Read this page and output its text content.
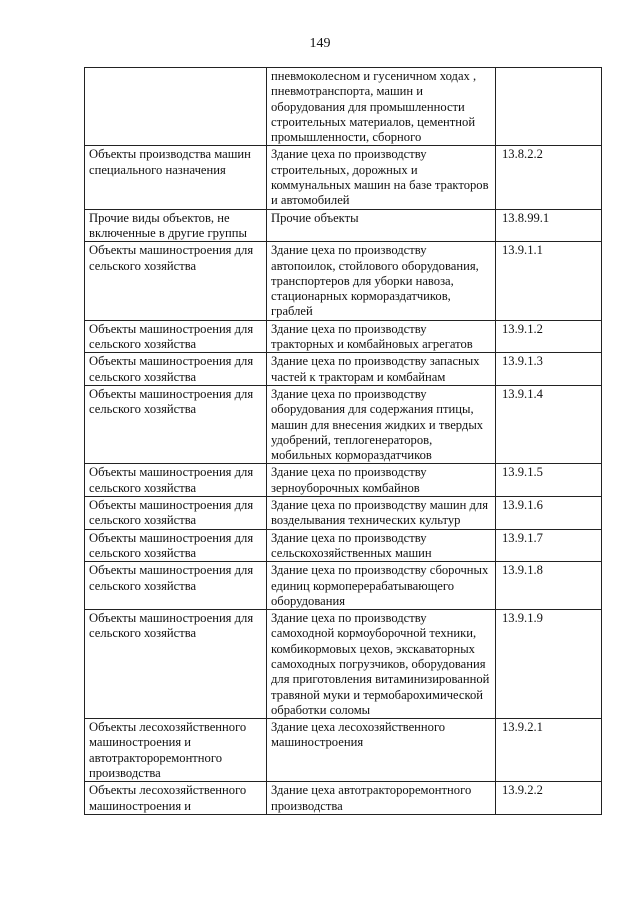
149
	пневмоколесном и гусеничном ходах , пневмотранспорта, машин и оборудования для промышленности строительных материалов, цементной промышленности, сборного	
Объекты производства машин специального назначения	Здание цеха по производству строительных, дорожных и коммунальных машин на базе тракторов и автомобилей	13.8.2.2
Прочие виды объектов, не включенные в другие группы	Прочие объекты	13.8.99.1
Объекты машиностроения для сельского хозяйства	Здание цеха по производству автопоилок, стойлового оборудования, транспортеров для уборки навоза, стационарных кормораздатчиков, граблей	13.9.1.1
Объекты машиностроения для сельского хозяйства	Здание цеха по производству тракторных и комбайновых агрегатов	13.9.1.2
Объекты машиностроения для сельского хозяйства	Здание цеха по производству запасных частей к тракторам и комбайнам	13.9.1.3
Объекты машиностроения для сельского хозяйства	Здание цеха по производству оборудования для содержания птицы, машин для внесения жидких и твердых удобрений, теплогенераторов, мобильных кормораздатчиков	13.9.1.4
Объекты машиностроения для сельского хозяйства	Здание цеха по производству зерноуборочных комбайнов	13.9.1.5
Объекты машиностроения для сельского хозяйства	Здание цеха по производству машин для возделывания технических культур	13.9.1.6
Объекты машиностроения для сельского хозяйства	Здание цеха по производству сельскохозяйственных машин	13.9.1.7
Объекты машиностроения для сельского хозяйства	Здание цеха по производству сборочных единиц кормоперерабатывающего оборудования	13.9.1.8
Объекты машиностроения для сельского хозяйства	Здание цеха по производству самоходной кормоуборочной техники, комбикормовых цехов, экскаваторных самоходных погрузчиков, оборудования для приготовления витаминизированной травяной муки и термобарохимической обработки соломы	13.9.1.9
Объекты лесохозяйственного машиностроения и автотрактороремонтного производства	Здание цеха лесохозяйственного машиностроения	13.9.2.1
Объекты лесохозяйственного машиностроения и	Здание цеха автотрактороремонтного производства	13.9.2.2
